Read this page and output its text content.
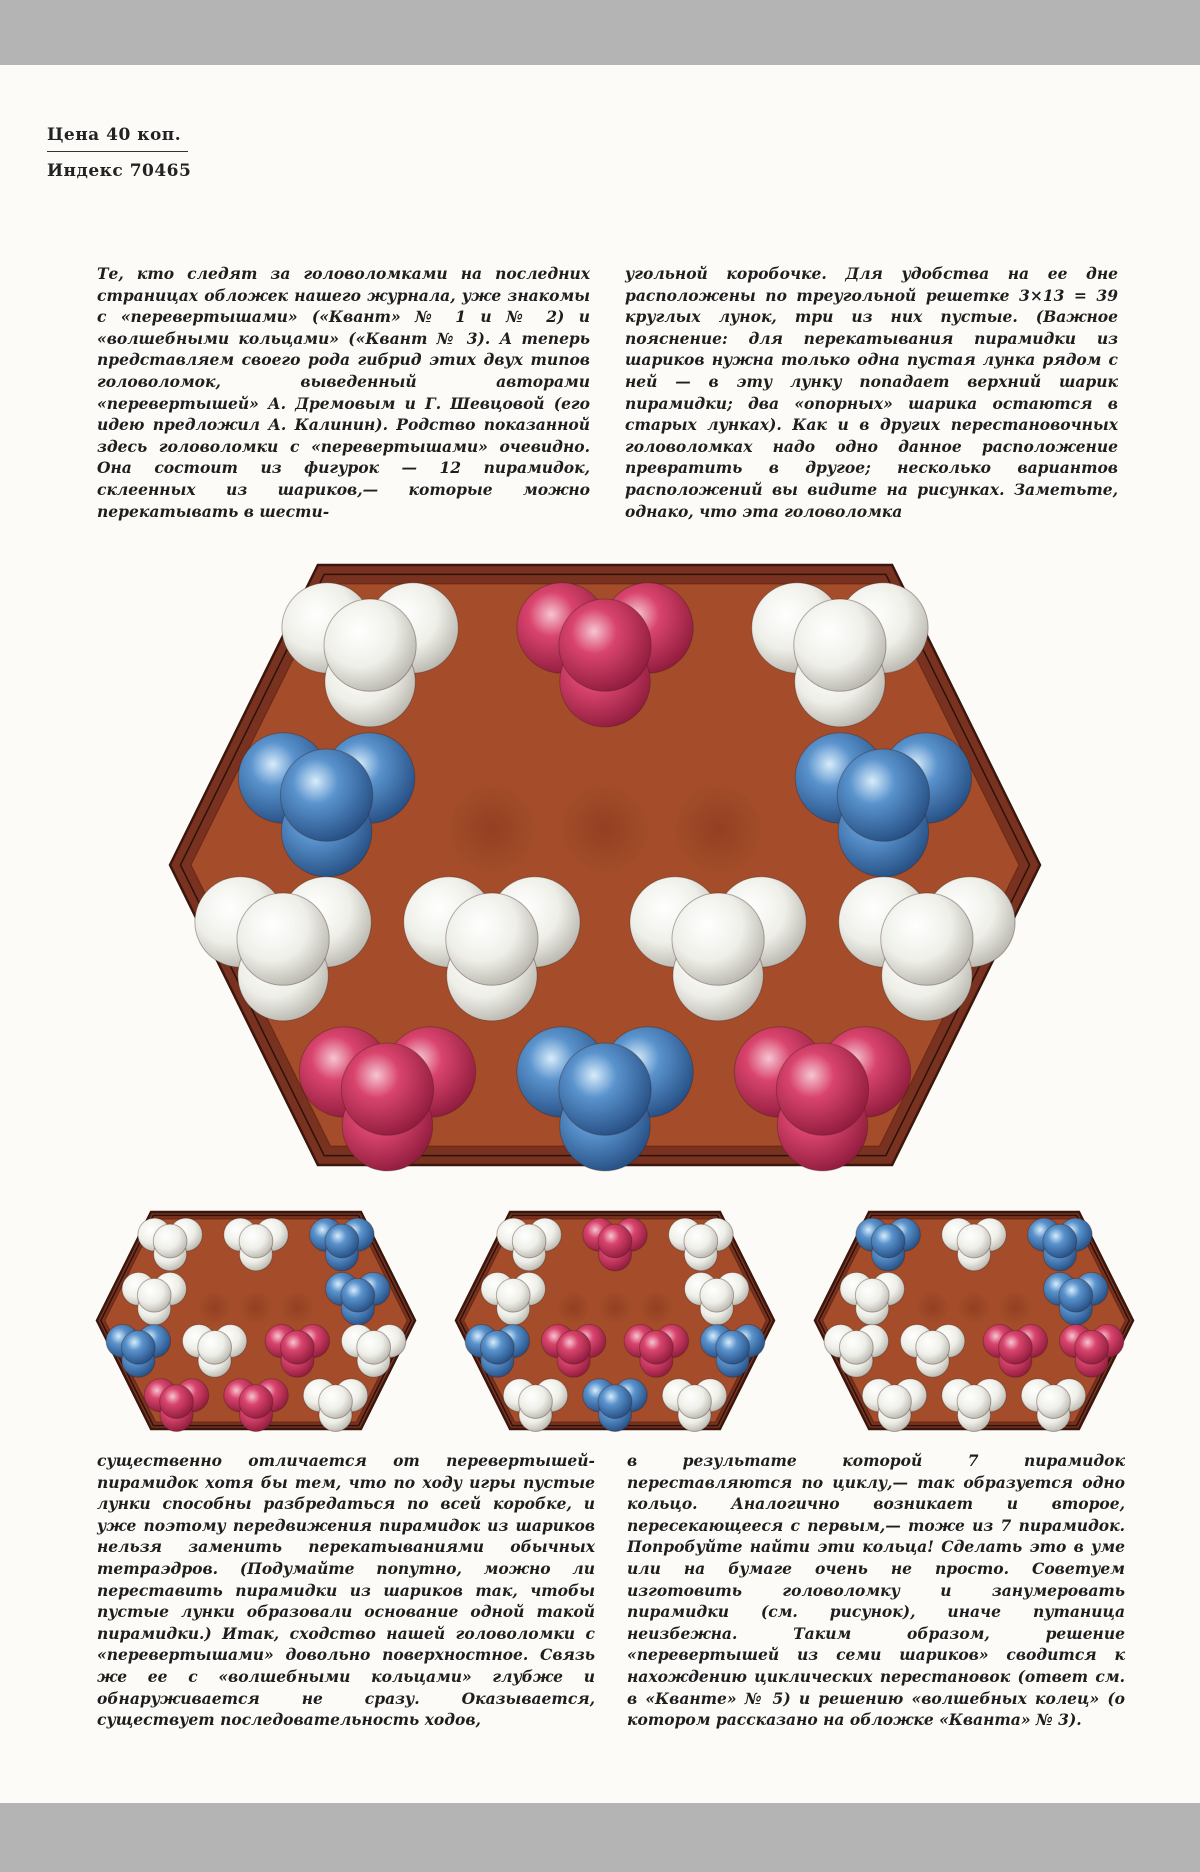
Цена 40 коп.
Индекс 70465

Те, кто следят за головоломками на последних страницах обложек нашего журнала, уже знакомы с «перевертышами» («Квант» № 1 и № 2) и «волшебными кольцами» («Квант № 3). А теперь представляем своего рода гибрид этих двух типов головоломок, выведенный авторами «перевертышей» А. Дремовым и Г. Шевцовой (его идею предложил А. Калинин). Родство показанной здесь головоломки с «перевертышами» очевидно. Она состоит из фигурок — 12 пирамидок, склеенных из шариков,— которые можно перекатывать в шести-

угольной коробочке. Для удобства на ее дне расположены по треугольной решетке 3×13 = 39 круглых лунок, три из них пустые. (Важное пояснение: для перекатывания пирамидки из шариков нужна только одна пустая лунка рядом с ней — в эту лунку попадает верхний шарик пирамидки; два «опорных» шарика остаются в старых лунках). Как и в других перестановочных головоломках надо одно данное расположение превратить в другое; несколько вариантов расположений вы видите на рисунках. Заметьте, однако, что эта головоломка

существенно отличается от перевертышей-пирамидок хотя бы тем, что по ходу игры пустые лунки способны разбредаться по всей коробке, и уже поэтому передвижения пирамидок из шариков нельзя заменить перекатываниями обычных тетраэдров. (Подумайте попутно, можно ли переставить пирамидки из шариков так, чтобы пустые лунки образовали основание одной такой пирамидки.) Итак, сходство нашей головоломки с «перевертышами» довольно поверхностное. Связь же ее с «волшебными кольцами» глубже и обнаруживается не сразу. Оказывается, существует последовательность ходов,

в результате которой 7 пирамидок переставляются по циклу,— так образуется одно кольцо. Аналогично возникает и второе, пересекающееся с первым,— тоже из 7 пирамидок. Попробуйте найти эти кольца! Сделать это в уме или на бумаге очень не просто. Советуем изготовить головоломку и занумеровать пирамидки (см. рисунок), иначе путаница неизбежна. Таким образом, решение «перевертышей из семи шариков» сводится к нахождению циклических перестановок (ответ см. в «Кванте» № 5) и решению «волшебных колец» (о котором рассказано на обложке «Кванта» № 3).
